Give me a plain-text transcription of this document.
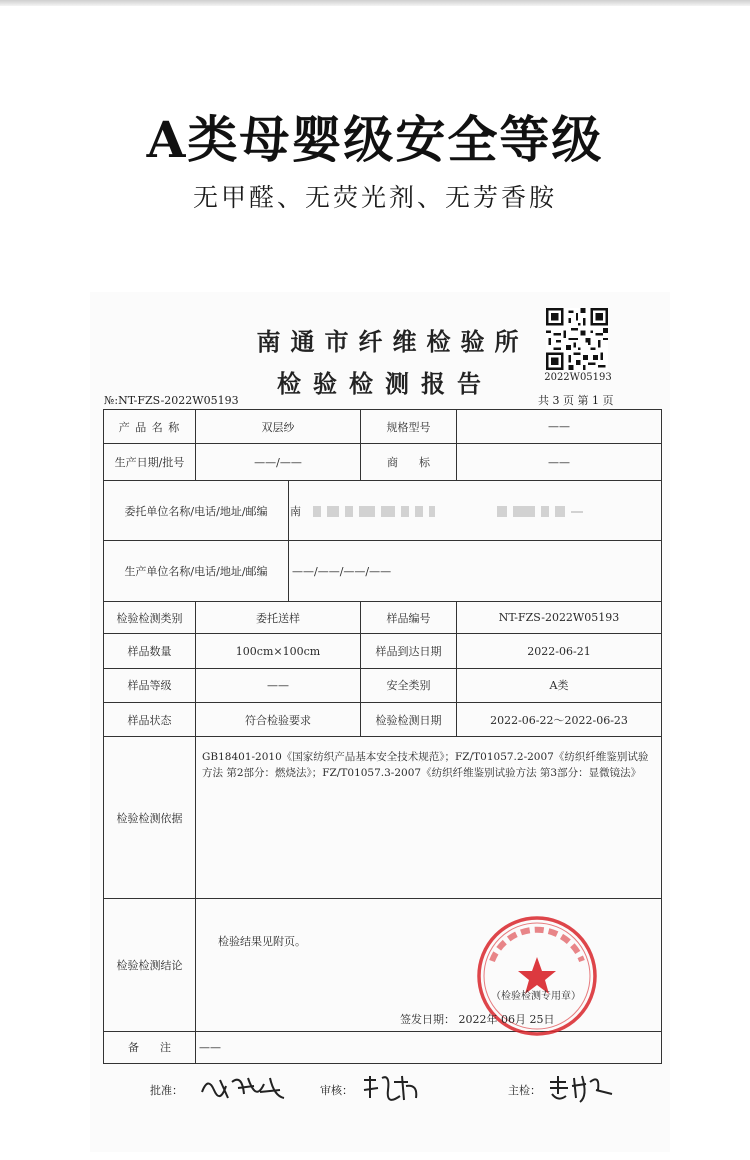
A类母婴级安全等级
无甲醛、无荧光剂、无芳香胺
南通市纤维检验所
检验检测报告	2022W05193
№:NT-FZS-2022W05193	共 3 页 第 1 页
产 品 名 称	双层纱		规格型号	——
生产日期/批号	——/——		商      标	——
委托单位名称/电话/地址/邮编		南		
生产单位名称/电话/地址/邮编		——/——/——/——		
检验检测类别	委托送样		样品编号	NT-FZS-2022W05193
样品数量	100cm×100cm		样品到达日期	2022-06-21
样品等级	——		安全类别	A类
样品状态	符合检验要求		检验检测日期	2022-06-22～2022-06-23
检验检测依据	GB18401-2010《国家纺织产品基本安全技术规范》；FZ/T01057.2-2007《纺织纤维鉴别试验方法 第2部分：燃烧法》；FZ/T01057.3-2007《纺织纤维鉴别试验方法 第3部分：显微镜法》			
检验检测结论	检验结果见附页。
（检验检测专用章）
签发日期： 2022年 06月 25日			

备      注	——			
批准：	审核：	主检：
